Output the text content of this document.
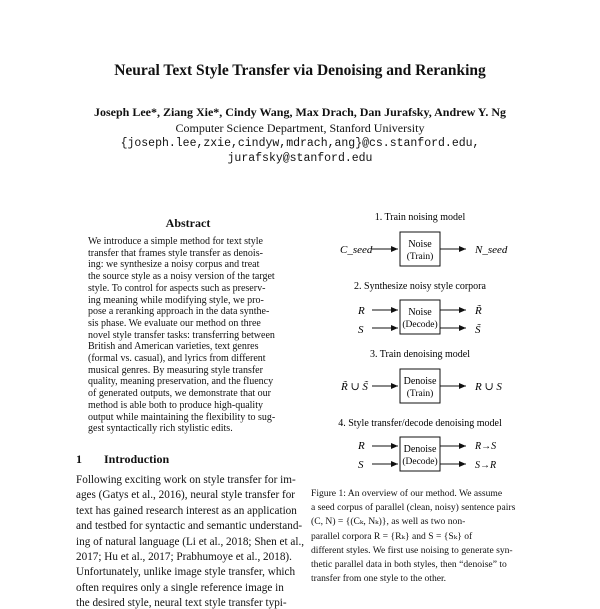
Neural Text Style Transfer via Denoising and Reranking
Joseph Lee*, Ziang Xie*, Cindy Wang, Max Drach, Dan Jurafsky, Andrew Y. Ng
Computer Science Department, Stanford University
{joseph.lee,zxie,cindyw,mdrach,ang}@cs.stanford.edu,
jurafsky@stanford.edu
Abstract
We introduce a simple method for text style
transfer that frames style transfer as denois-
ing: we synthesize a noisy corpus and treat
the source style as a noisy version of the target
style. To control for aspects such as preserv-
ing meaning while modifying style, we pro-
pose a reranking approach in the data synthe-
sis phase. We evaluate our method on three
novel style transfer tasks: transferring between
British and American varieties, text genres
(formal vs. casual), and lyrics from different
musical genres. By measuring style transfer
quality, meaning preservation, and the fluency
of generated outputs, we demonstrate that our
method is able both to produce high-quality
output while maintaining the flexibility to sug-
gest syntactically rich stylistic edits.
1 Introduction
Following exciting work on style transfer for im-
ages (Gatys et al., 2016), neural style transfer for
text has gained research interest as an application
and testbed for syntactic and semantic understand-
ing of natural language (Li et al., 2018; Shen et al.,
2017; Hu et al., 2017; Prabhumoye et al., 2018).
Unfortunately, unlike image style transfer, which
often requires only a single reference image in
the desired style, neural text style transfer typi-
1. Train noising model
Noise
(Train)
C_seed	N_seed
2. Synthesize noisy style corpora
Noise
(Decode)
R
S
R̃
S̃
3. Train denoising model
Denoise
(Train)
R̃ ∪ S̃	R ∪ S
4. Style transfer/decode denoising model
Denoise
(Decode)
R
S
R→S
S→R
Figure 1: An overview of our method. We assume
a seed corpus of parallel (clean, noisy) sentence pairs
(C, N) = {(Cₖ, Nₖ)}, as well as two non-
parallel corpora R = {Rₖ} and S = {Sₖ} of
different styles. We first use noising to generate syn-
thetic parallel data in both styles, then “denoise” to
transfer from one style to the other.
